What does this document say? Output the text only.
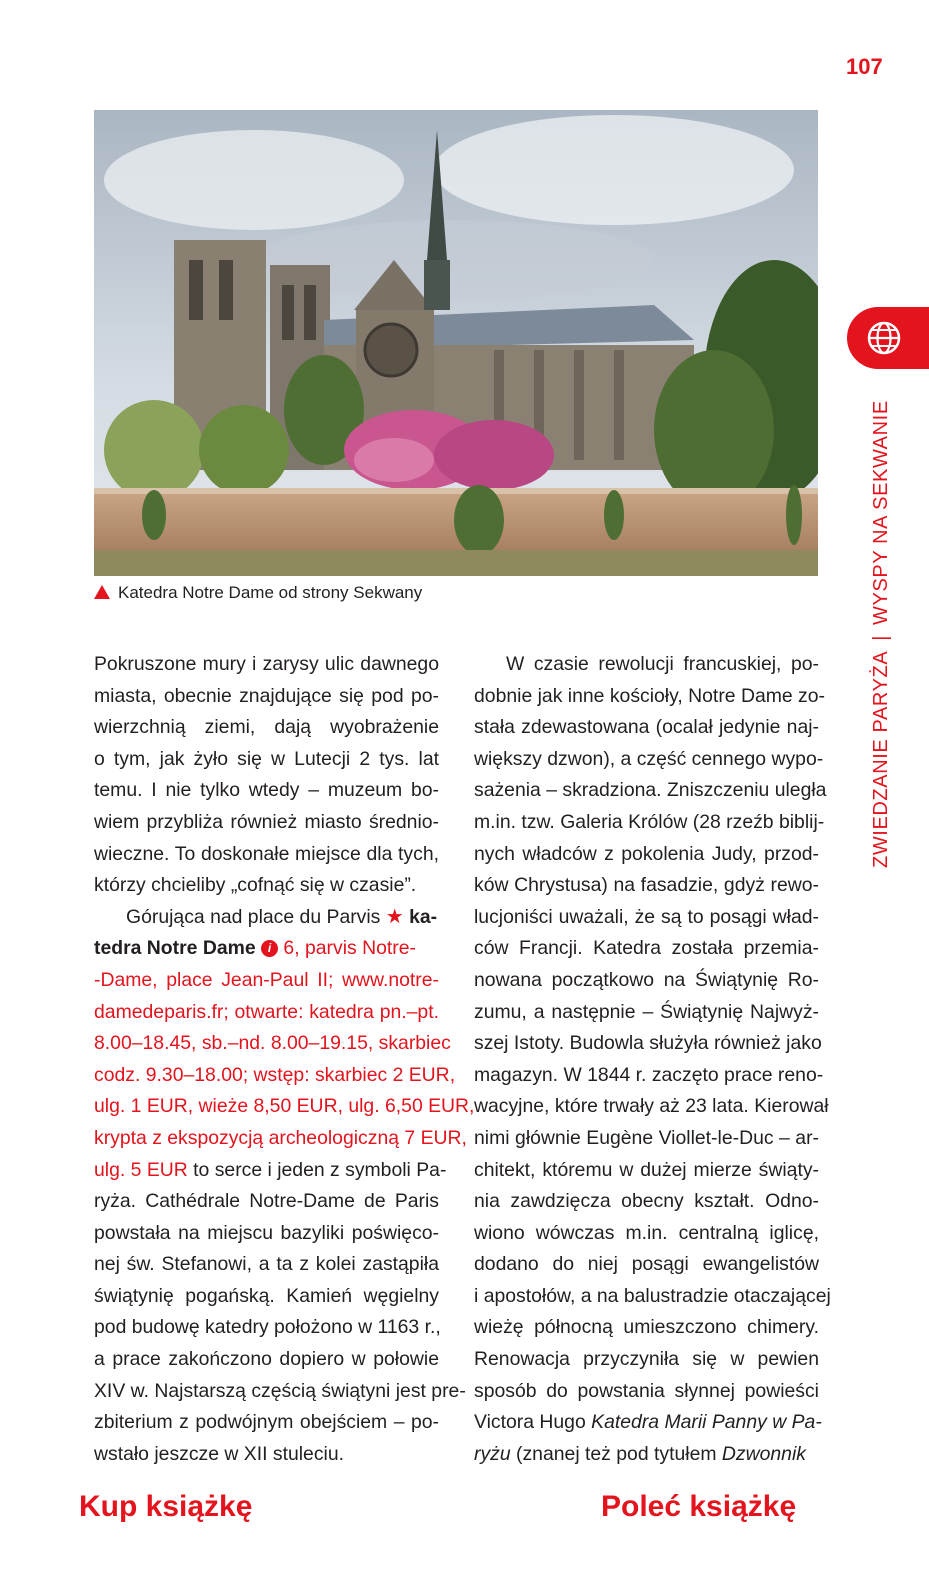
107
Katedra Notre Dame od strony Sekwany
Pokruszone mury i zarysy ulic dawnego
miasta, obecnie znajdujące się pod po-
wierzchnią ziemi, dają wyobrażenie
o tym, jak żyło się w Lutecji 2 tys. lat
temu. I nie tylko wtedy – muzeum bo-
wiem przybliża również miasto średnio-
wieczne. To doskonałe miejsce dla tych,
którzy chcieliby „cofnąć się w czasie”.
Górująca nad place du Parvis ★ ka-
tedra Notre Dame i 6, parvis Notre-
-Dame, place Jean-Paul II; www.notre-
damedeparis.fr; otwarte: katedra pn.–pt.
8.00–18.45, sb.–nd. 8.00–19.15, skarbiec
codz. 9.30–18.00; wstęp: skarbiec 2 EUR,
ulg. 1 EUR, wieże 8,50 EUR, ulg. 6,50 EUR,
krypta z ekspozycją archeologiczną 7 EUR,
ulg. 5 EUR to serce i jeden z symboli Pa-
ryża. Cathédrale Notre-Dame de Paris
powstała na miejscu bazyliki poświęco-
nej św. Stefanowi, a ta z kolei zastąpiła
świątynię pogańską. Kamień węgielny
pod budowę katedry położono w 1163 r.,
a prace zakończono dopiero w połowie
XIV w. Najstarszą częścią świątyni jest pre-
zbiterium z podwójnym obejściem – po-
wstało jeszcze w XII stuleciu.
W czasie rewolucji francuskiej, po-
dobnie jak inne kościoły, Notre Dame zo-
stała zdewastowana (ocalał jedynie naj-
większy dzwon), a część cennego wypo-
sażenia – skradziona. Zniszczeniu uległa
m.in. tzw. Galeria Królów (28 rzeźb biblij-
nych władców z pokolenia Judy, przod-
ków Chrystusa) na fasadzie, gdyż rewo-
lucjoniści uważali, że są to posągi wład-
ców Francji. Katedra została przemia-
nowana początkowo na Świątynię Ro-
zumu, a następnie – Świątynię Najwyż-
szej Istoty. Budowla służyła również jako
magazyn. W 1844 r. zaczęto prace reno-
wacyjne, które trwały aż 23 lata. Kierował
nimi głównie Eugène Viollet-le-Duc – ar-
chitekt, któremu w dużej mierze świąty-
nia zawdzięcza obecny kształt. Odno-
wiono wówczas m.in. centralną iglicę,
dodano do niej posągi ewangelistów
i apostołów, a na balustradzie otaczającej
wieżę północną umieszczono chimery.
Renowacja przyczyniła się w pewien
sposób do powstania słynnej powieści
Victora Hugo Katedra Marii Panny w Pa-
ryżu (znanej też pod tytułem Dzwonnik
ZWIEDZANIE PARYŻA|WYSPY NA SEKWANIE
Kup książkę	Poleć książkę
